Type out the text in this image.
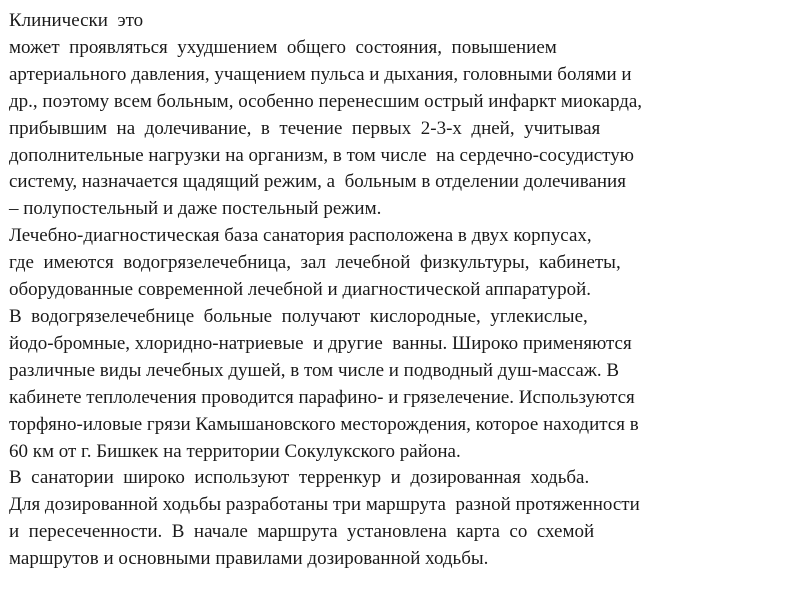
Клинически  это
может  проявляться  ухудшением  общего  состояния,  повышением
артериального давления, учащением пульса и дыхания, головными болями и
др., поэтому всем больным, особенно перенесшим острый инфаркт миокарда,
прибывшим  на  долечивание,  в  течение  первых  2-3-х  дней,  учитывая
дополнительные нагрузки на организм, в том числе  на сердечно-сосудистую
систему, назначается щадящий режим, а  больным в отделении долечивания
– полупостельный и даже постельный режим.
Лечебно-диагностическая база санатория расположена в двух корпусах,
где  имеются  водогрязелечебница,  зал  лечебной  физкультуры,  кабинеты,
оборудованные современной лечебной и диагностической аппаратурой.
В  водогрязелечебнице  больные  получают  кислородные,  углекислые,
йодо-бромные, хлоридно-натриевые  и другие  ванны. Широко применяются
различные виды лечебных душей, в том числе и подводный душ-массаж. В
кабинете теплолечения проводится парафино- и грязелечение. Используются
торфяно-иловые грязи Камышановского месторождения, которое находится в
60 км от г. Бишкек на территории Сокулукского района.
В  санатории  широко  используют  терренкур  и  дозированная  ходьба.
Для дозированной ходьбы разработаны три маршрута  разной протяженности
и  пересеченности.  В  начале  маршрута  установлена  карта  со  схемой
маршрутов и основными правилами дозированной ходьбы.
